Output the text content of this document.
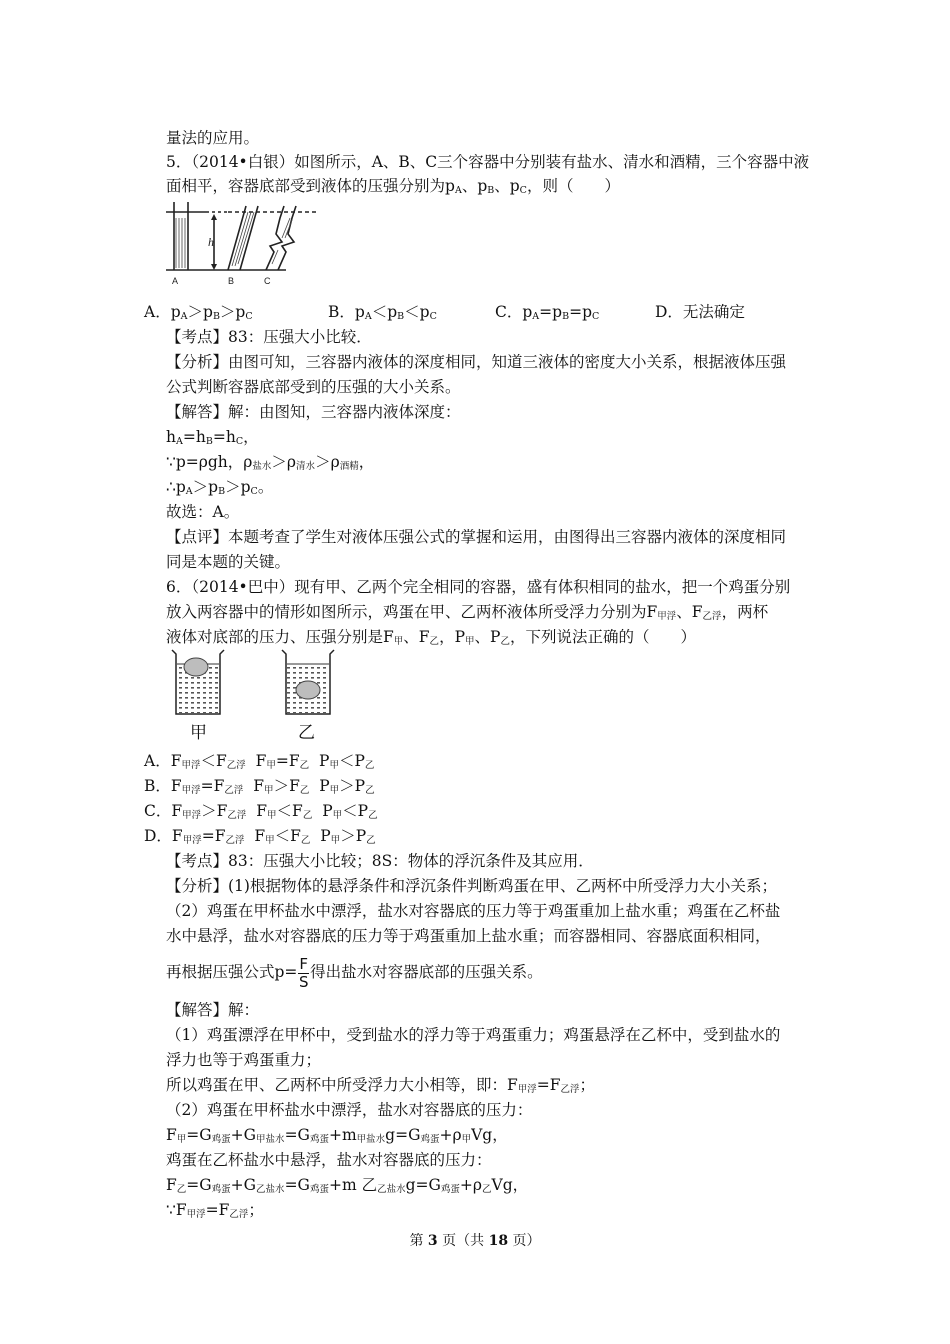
量法的应用。
5．（2014•白银）如图所示，A、B、C三个容器中分别装有盐水、清水和酒精，三个容器中液
面相平，容器底部受到液体的压强分别为$p_A$、$p_B$、$p_C$，则（　　）
h
A	B	C
A．$p_A>p_B>p_C$	B．$p_A<p_B<p_C$	C．$p_A=p_B=p_C$	D．无法确定
【考点】83：压强大小比较．
【分析】由图可知，三容器内液体的深度相同，知道三液体的密度大小关系，根据液体压强
公式判断容器底部受到的压强的大小关系。
【解答】解：由图知，三容器内液体深度：
$h_A=h_B=h_C$，
∵p=ρgh，$\rho_{盐水}>\rho_{清水}>\rho_{酒精}$，
$\therefore p_A>p_B>p_C$。
故选：A。
【点评】本题考查了学生对液体压强公式的掌握和运用，由图得出三容器内液体的深度相同
同是本题的关键。
6．（2014•巴中）现有甲、乙两个完全相同的容器，盛有体积相同的盐水，把一个鸡蛋分别
放入两容器中的情形如图所示，鸡蛋在甲、乙两杯液体所受浮力分别为$F_{甲浮}$、$F_{乙浮}$，两杯
液体对底部的压力、压强分别是$F_甲$、$F_乙$，$P_甲$、$P_乙$，下列说法正确的（　　）
甲	乙
A．$F_{甲浮}<F_{乙浮}$  $F_甲=F_乙$ $P_甲<P_乙$
B．$F_{甲浮}=F_{乙浮}$  $F_甲>F_乙$ $P_甲>P_乙$
C．$F_{甲浮}>F_{乙浮}$  $F_甲<F_乙$ $P_甲<P_乙$
D．$F_{甲浮}=F_{乙浮}$  $F_甲<F_乙$ $P_甲>P_乙$
【考点】83：压强大小比较；8S：物体的浮沉条件及其应用．
【分析】(1)根据物体的悬浮条件和浮沉条件判断鸡蛋在甲、乙两杯中所受浮力大小关系；
（2）鸡蛋在甲杯盐水中漂浮，盐水对容器底的压力等于鸡蛋重加上盐水重；鸡蛋在乙杯盐
水中悬浮，盐水对容器底的压力等于鸡蛋重加上盐水重；而容器相同、容器底面积相同，
再根据压强公式$p= \frac{F}{S}$ 得出盐水对容器底部的压强关系。
【解答】解：
（1）鸡蛋漂浮在甲杯中，受到盐水的浮力等于鸡蛋重力；鸡蛋悬浮在乙杯中，受到盐水的
浮力也等于鸡蛋重力；
所以鸡蛋在甲、乙两杯中所受浮力大小相等，即：$F_{甲浮}=F_{乙浮}$；
（2）鸡蛋在甲杯盐水中漂浮，盐水对容器底的压力：
$F_甲=G_{鸡蛋}+G_{甲盐水}=G_{鸡蛋}+m_{甲盐水}g=G_{鸡蛋}+\rho_甲Vg$，
鸡蛋在乙杯盐水中悬浮，盐水对容器底的压力：
$F_乙=G_{鸡蛋}+G_{乙盐水}=G_{鸡蛋}+m$ 乙$_{乙盐水}g=G_{鸡蛋}+\rho_乙Vg$，
$\because F_{甲浮}=F_{乙浮}$；
第 3 页（共 18 页）
